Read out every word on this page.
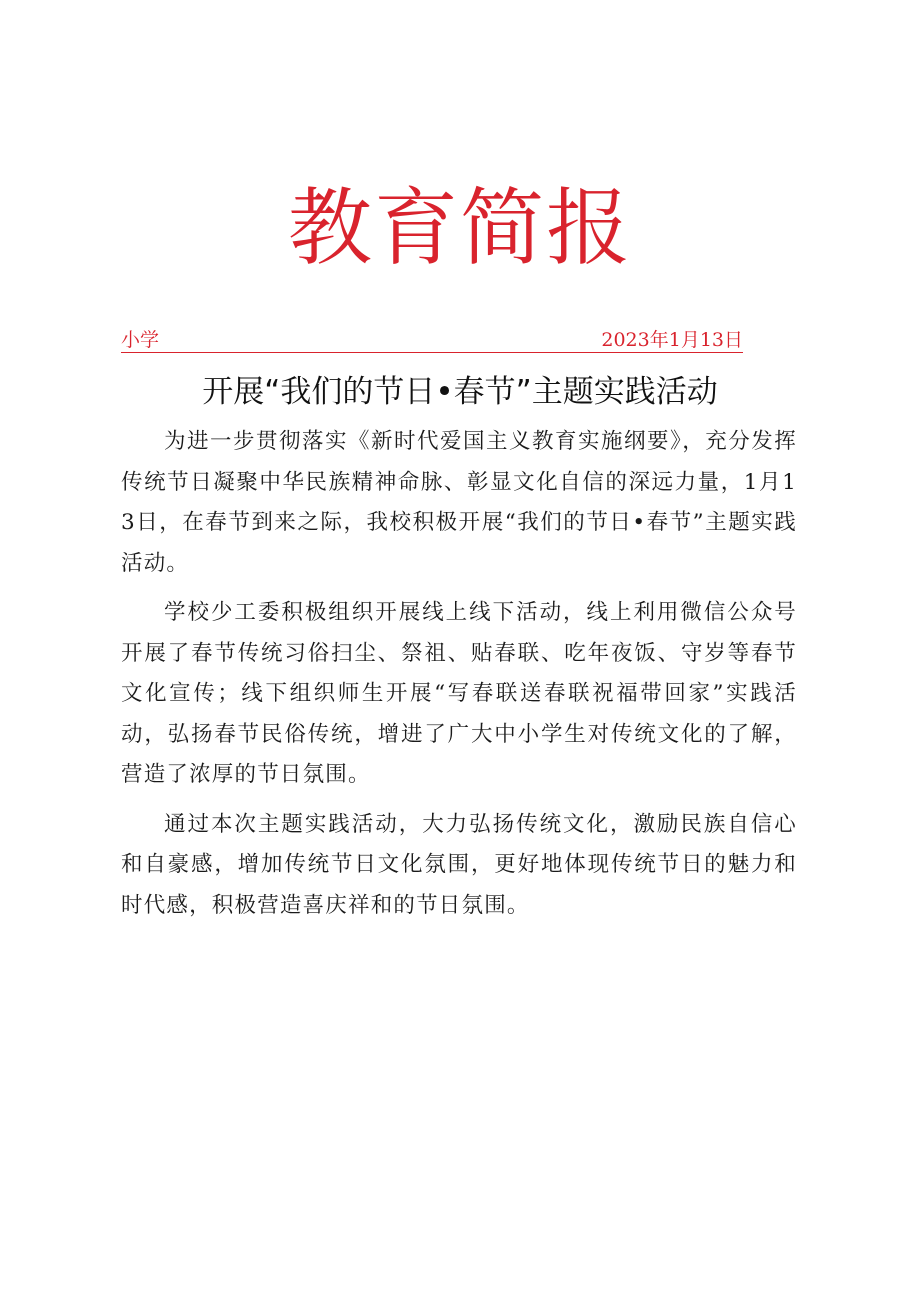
教育简报
小学	2023年1月13日
开展“我们的节日•春节”主题实践活动

为进一步贯彻落实《新时代爱国主义教育实施纲要》，充分发挥传统节日凝聚中华民族精神命脉、彰显文化自信的深远力量，1月13日，在春节到来之际，我校积极开展“我们的节日•春节”主题实践活动。

学校少工委积极组织开展线上线下活动，线上利用微信公众号开展了春节传统习俗扫尘、祭祖、贴春联、吃年夜饭、守岁等春节文化宣传；线下组织师生开展“写春联送春联祝福带回家”实践活动，弘扬春节民俗传统，增进了广大中小学生对传统文化的了解，营造了浓厚的节日氛围。

通过本次主题实践活动，大力弘扬传统文化，激励民族自信心和自豪感，增加传统节日文化氛围，更好地体现传统节日的魅力和时代感，积极营造喜庆祥和的节日氛围。
